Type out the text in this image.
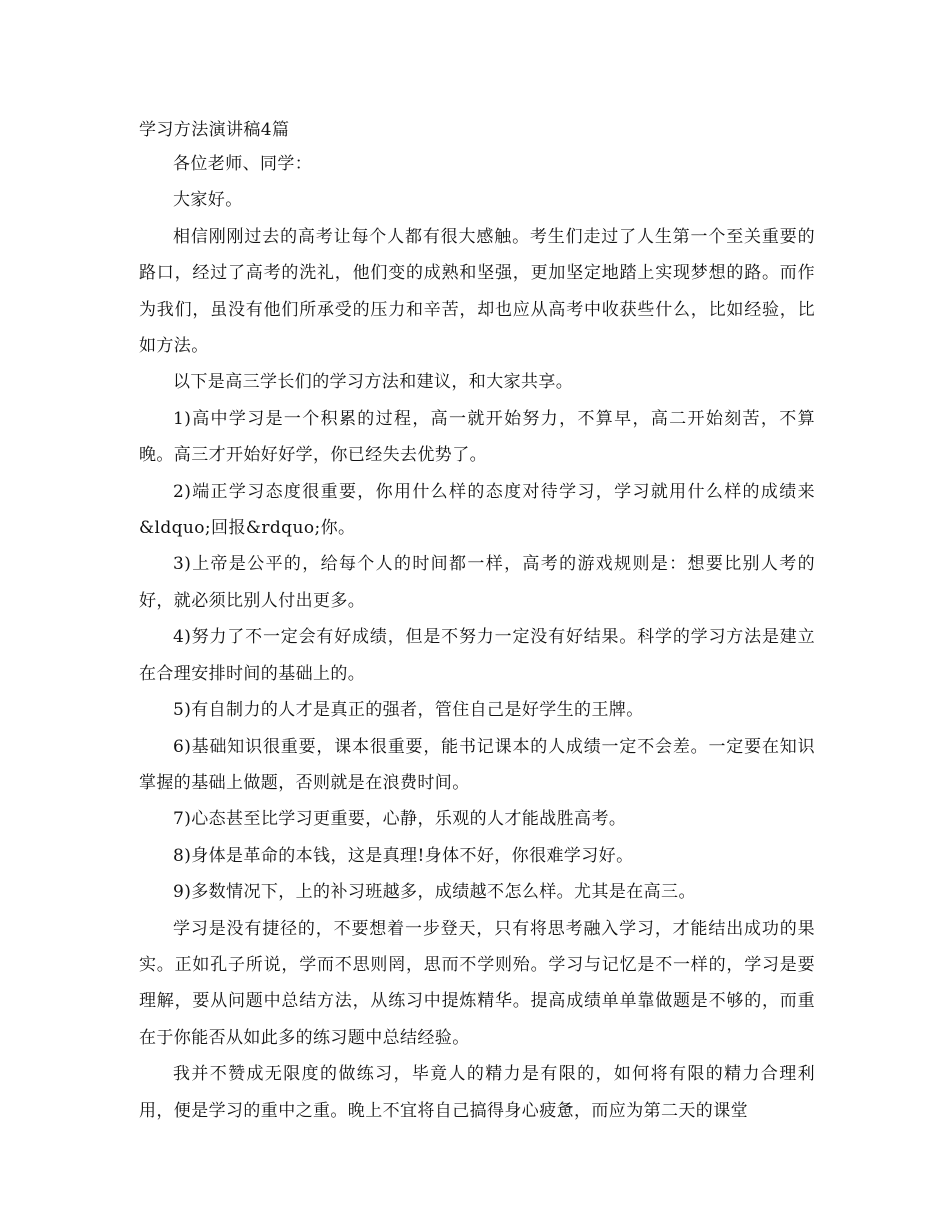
学习方法演讲稿4篇

各位老师、同学：

大家好。

相信刚刚过去的高考让每个人都有很大感触。考生们走过了人生第一个至关重要的路口，经过了高考的洗礼，他们变的成熟和坚强，更加坚定地踏上实现梦想的路。而作为我们，虽没有他们所承受的压力和辛苦，却也应从高考中收获些什么，比如经验，比如方法。

以下是高三学长们的学习方法和建议，和大家共享。

1)高中学习是一个积累的过程，高一就开始努力，不算早，高二开始刻苦，不算晚。高三才开始好好学，你已经失去优势了。

2)端正学习态度很重要，你用什么样的态度对待学习，学习就用什么样的成绩来&ldquo;回报&rdquo;你。

3)上帝是公平的，给每个人的时间都一样，高考的游戏规则是：想要比别人考的好，就必须比别人付出更多。

4)努力了不一定会有好成绩，但是不努力一定没有好结果。科学的学习方法是建立在合理安排时间的基础上的。

5)有自制力的人才是真正的强者，管住自己是好学生的王牌。

6)基础知识很重要，课本很重要，能书记课本的人成绩一定不会差。一定要在知识掌握的基础上做题，否则就是在浪费时间。

7)心态甚至比学习更重要，心静，乐观的人才能战胜高考。

8)身体是革命的本钱，这是真理!身体不好，你很难学习好。

9)多数情况下，上的补习班越多，成绩越不怎么样。尤其是在高三。

学习是没有捷径的，不要想着一步登天，只有将思考融入学习，才能结出成功的果实。正如孔子所说，学而不思则罔，思而不学则殆。学习与记忆是不一样的，学习是要理解，要从问题中总结方法，从练习中提炼精华。提高成绩单单靠做题是不够的，而重在于你能否从如此多的练习题中总结经验。

我并不赞成无限度的做练习，毕竟人的精力是有限的，如何将有限的精力合理利用，便是学习的重中之重。晚上不宜将自己搞得身心疲惫，而应为第二天的课堂
